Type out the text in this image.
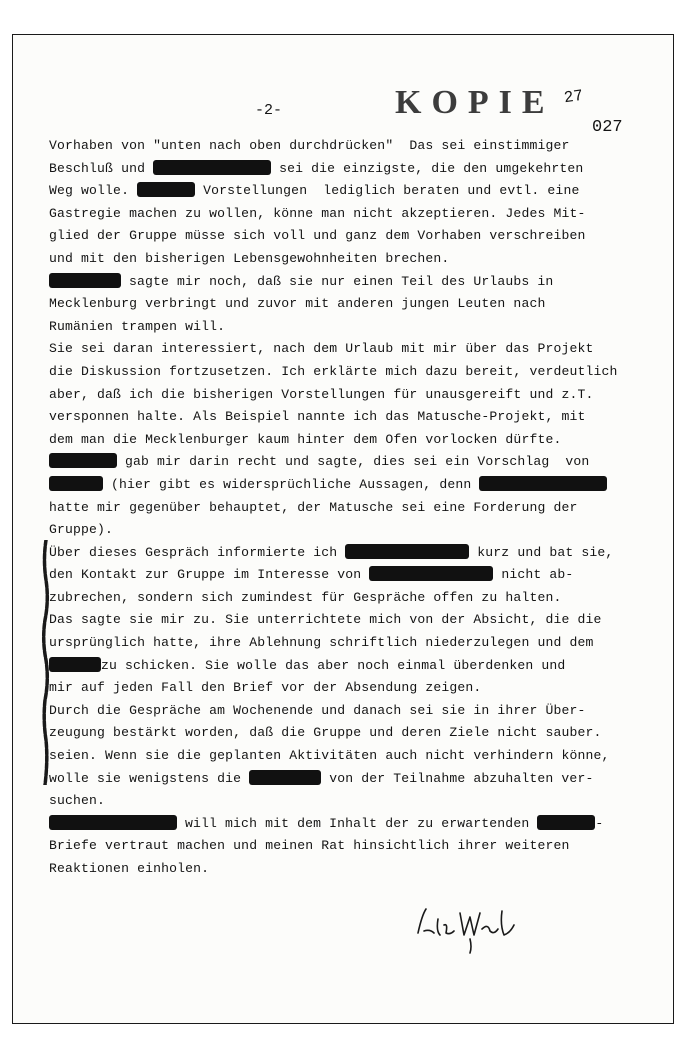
-2-	KOPIE 27
027
Vorhaben von "unten nach oben durchdrücken"  Das sei einstimmiger
Beschluß und	sei die einzigste, die den umgekehrten
Weg wolle.	Vorstellungen  lediglich beraten und evtl. eine
Gastregie machen zu wollen, könne man nicht akzeptieren. Jedes Mit-
glied der Gruppe müsse sich voll und ganz dem Vorhaben verschreiben
und mit den bisherigen Lebensgewohnheiten brechen.
sagte mir noch, daß sie nur einen Teil des Urlaubs in
Mecklenburg verbringt und zuvor mit anderen jungen Leuten nach
Rumänien trampen will.
Sie sei daran interessiert, nach dem Urlaub mit mir über das Projekt
die Diskussion fortzusetzen. Ich erklärte mich dazu bereit, verdeutlich
aber, daß ich die bisherigen Vorstellungen für unausgereift und z.T.
versponnen halte. Als Beispiel nannte ich das Matusche-Projekt, mit
dem man die Mecklenburger kaum hinter dem Ofen vorlocken dürfte.
gab mir darin recht und sagte, dies sei ein Vorschlag  von
(hier gibt es widersprüchliche Aussagen, denn
hatte mir gegenüber behauptet, der Matusche sei eine Forderung der
Gruppe).
Über dieses Gespräch informierte ich	kurz und bat sie,
den Kontakt zur Gruppe im Interesse von	nicht ab-
zubrechen, sondern sich zumindest für Gespräche offen zu halten.
Das sagte sie mir zu. Sie unterrichtete mich von der Absicht, die die
ursprünglich hatte, ihre Ablehnung schriftlich niederzulegen und dem
zu schicken. Sie wolle das aber noch einmal überdenken und
mir auf jeden Fall den Brief vor der Absendung zeigen.
Durch die Gespräche am Wochenende und danach sei sie in ihrer Über-
zeugung bestärkt worden, daß die Gruppe und deren Ziele nicht sauber.
seien. Wenn sie die geplanten Aktivitäten auch nicht verhindern könne,
wolle sie wenigstens die	von der Teilnahme abzuhalten ver-
suchen.
will mich mit dem Inhalt der zu erwartenden	-
Briefe vertraut machen und meinen Rat hinsichtlich ihrer weiteren
Reaktionen einholen.
